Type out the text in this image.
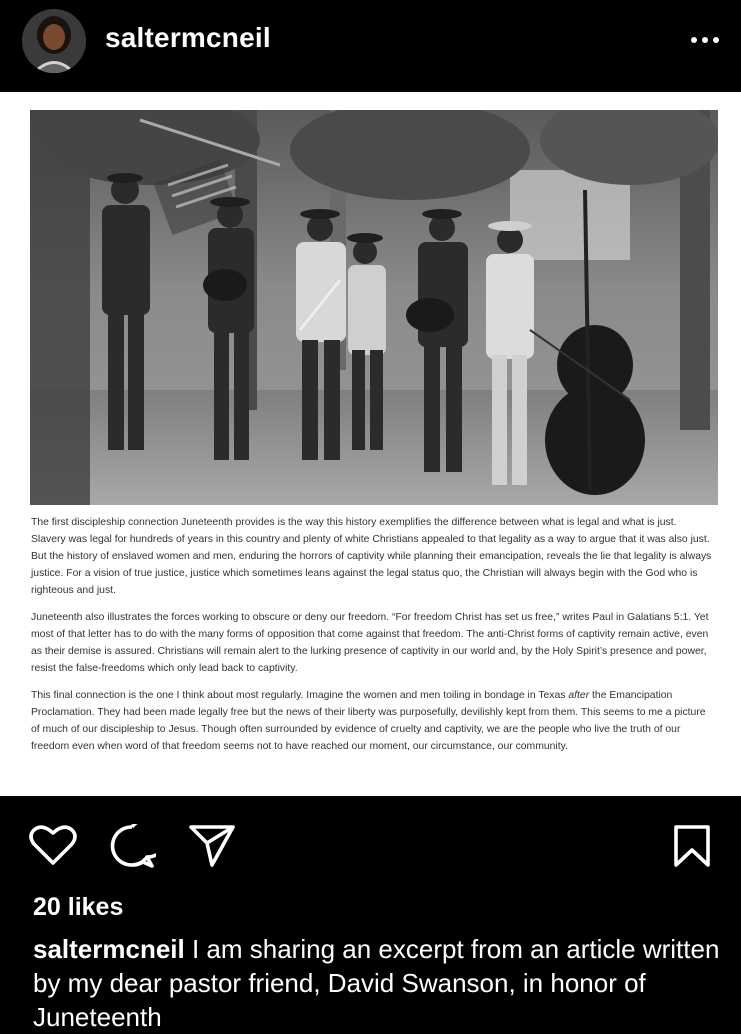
saltermcneil

The first discipleship connection Juneteenth provides is the way this history exemplifies the difference between what is legal and what is just. Slavery was legal for hundreds of years in this country and plenty of white Christians appealed to that legality as a way to argue that it was also just. But the history of enslaved women and men, enduring the horrors of captivity while planning their emancipation, reveals the lie that legality is always justice. For a vision of true justice, justice which sometimes leans against the legal status quo, the Christian will always begin with the God who is righteous and just.

Juneteenth also illustrates the forces working to obscure or deny our freedom. “For freedom Christ has set us free,” writes Paul in Galatians 5:1. Yet most of that letter has to do with the many forms of opposition that come against that freedom. The anti-Christ forms of captivity remain active, even as their demise is assured. Christians will remain alert to the lurking presence of captivity in our world and, by the Holy Spirit’s presence and power, resist the false-freedoms which only lead back to captivity.

This final connection is the one I think about most regularly. Imagine the women and men toiling in bondage in Texas after the Emancipation Proclamation. They had been made legally free but the news of their liberty was purposefully, devilishly kept from them. This seems to me a picture of much of our discipleship to Jesus. Though often surrounded by evidence of cruelty and captivity, we are the people who live the truth of our freedom even when word of that freedom seems not to have reached our moment, our circumstance, our community.

20 likes
saltermcneil I am sharing an excerpt from an article written by my dear pastor friend, David Swanson, in honor of Juneteenth
